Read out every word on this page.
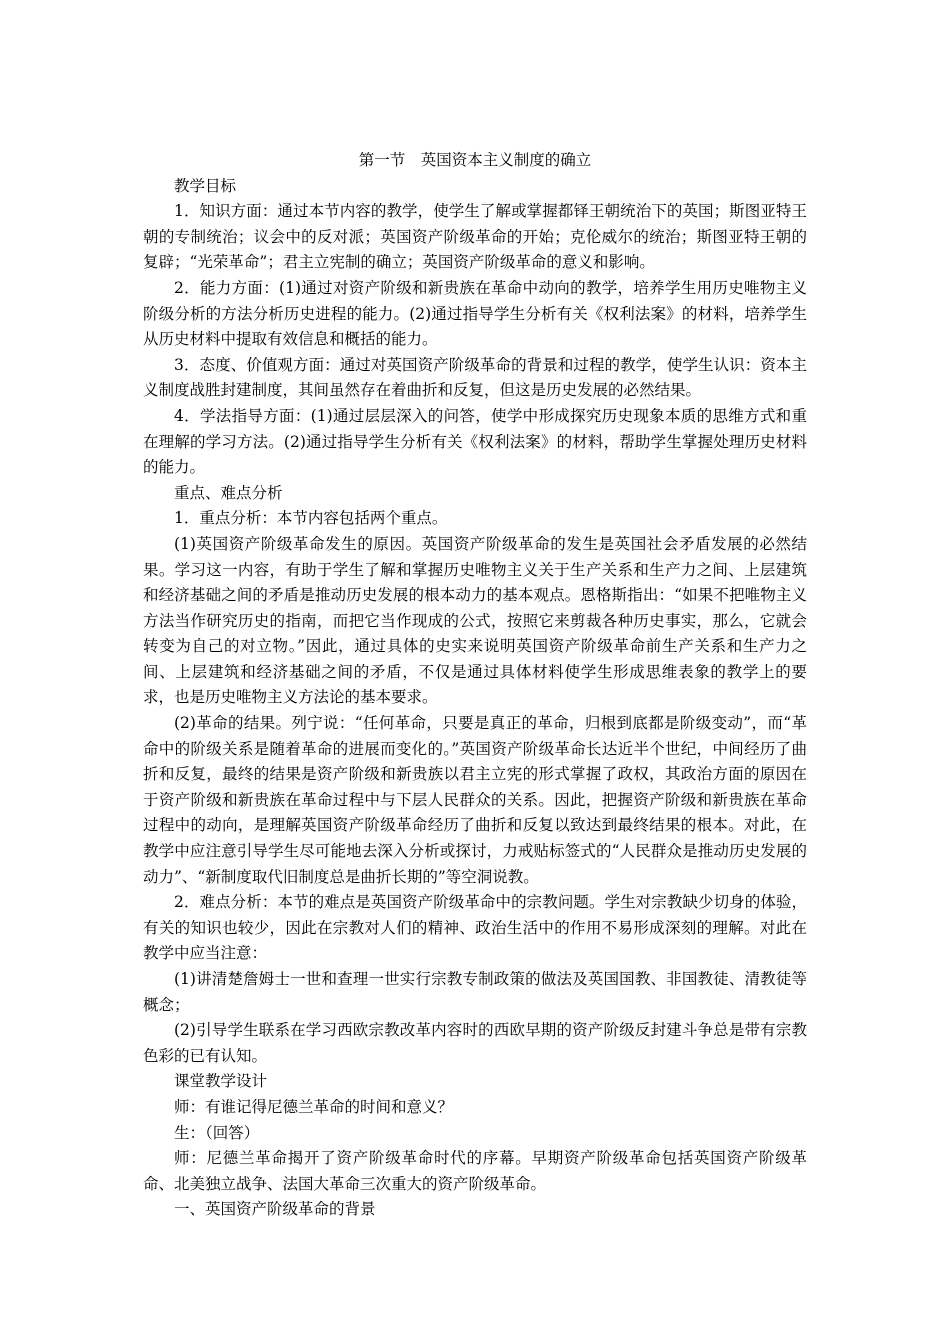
第一节　英国资本主义制度的确立
教学目标
1．知识方面：通过本节内容的教学，使学生了解或掌握都铎王朝统治下的英国；斯图亚特王朝的专制统治；议会中的反对派；英国资产阶级革命的开始；克伦威尔的统治；斯图亚特王朝的复辟；“光荣革命”；君主立宪制的确立；英国资产阶级革命的意义和影响。
2．能力方面：(1)通过对资产阶级和新贵族在革命中动向的教学，培养学生用历史唯物主义阶级分析的方法分析历史进程的能力。(2)通过指导学生分析有关《权利法案》的材料，培养学生从历史材料中提取有效信息和概括的能力。
3．态度、价值观方面：通过对英国资产阶级革命的背景和过程的教学，使学生认识：资本主义制度战胜封建制度，其间虽然存在着曲折和反复，但这是历史发展的必然结果。
4．学法指导方面：(1)通过层层深入的问答，使学中形成探究历史现象本质的思维方式和重在理解的学习方法。(2)通过指导学生分析有关《权利法案》的材料，帮助学生掌握处理历史材料的能力。
重点、难点分析
1．重点分析：本节内容包括两个重点。
(1)英国资产阶级革命发生的原因。英国资产阶级革命的发生是英国社会矛盾发展的必然结果。学习这一内容，有助于学生了解和掌握历史唯物主义关于生产关系和生产力之间、上层建筑和经济基础之间的矛盾是推动历史发展的根本动力的基本观点。恩格斯指出：“如果不把唯物主义方法当作研究历史的指南，而把它当作现成的公式，按照它来剪裁各种历史事实，那么，它就会转变为自己的对立物。”因此，通过具体的史实来说明英国资产阶级革命前生产关系和生产力之间、上层建筑和经济基础之间的矛盾，不仅是通过具体材料使学生形成思维表象的教学上的要求，也是历史唯物主义方法论的基本要求。
(2)革命的结果。列宁说：“任何革命，只要是真正的革命，归根到底都是阶级变动”，而“革命中的阶级关系是随着革命的进展而变化的。”英国资产阶级革命长达近半个世纪，中间经历了曲折和反复，最终的结果是资产阶级和新贵族以君主立宪的形式掌握了政权，其政治方面的原因在于资产阶级和新贵族在革命过程中与下层人民群众的关系。因此，把握资产阶级和新贵族在革命过程中的动向，是理解英国资产阶级革命经历了曲折和反复以致达到最终结果的根本。对此，在教学中应注意引导学生尽可能地去深入分析或探讨，力戒贴标签式的“人民群众是推动历史发展的动力”、“新制度取代旧制度总是曲折长期的”等空洞说教。
2．难点分析：本节的难点是英国资产阶级革命中的宗教问题。学生对宗教缺少切身的体验，有关的知识也较少，因此在宗教对人们的精神、政治生活中的作用不易形成深刻的理解。对此在教学中应当注意：
(1)讲清楚詹姆士一世和查理一世实行宗教专制政策的做法及英国国教、非国教徒、清教徒等概念；
(2)引导学生联系在学习西欧宗教改革内容时的西欧早期的资产阶级反封建斗争总是带有宗教色彩的已有认知。
课堂教学设计
师：有谁记得尼德兰革命的时间和意义？
生：（回答）
师：尼德兰革命揭开了资产阶级革命时代的序幕。早期资产阶级革命包括英国资产阶级革命、北美独立战争、法国大革命三次重大的资产阶级革命。
一、英国资产阶级革命的背景
